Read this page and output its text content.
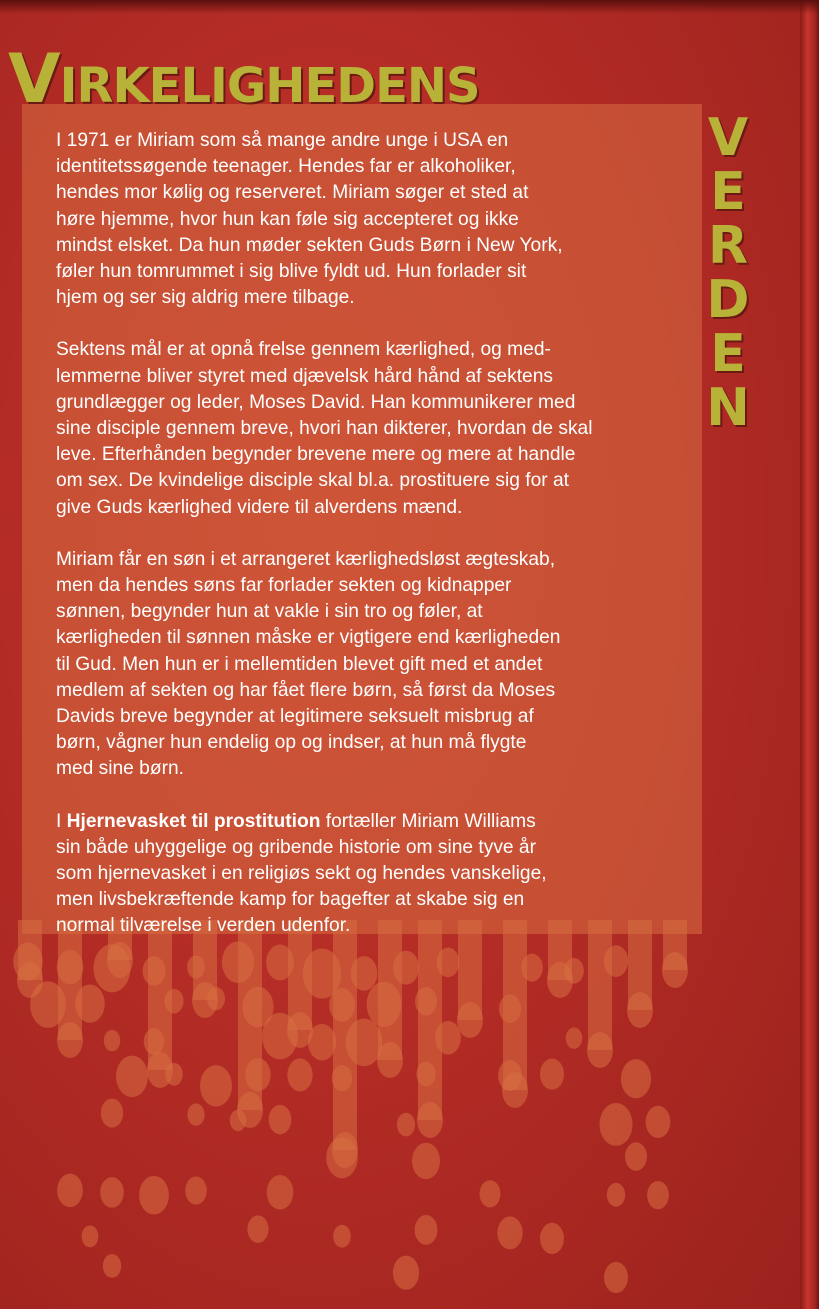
VIRKELIGHEDENS
VERDEN

I 1971 er Miriam som så mange andre unge i USA en
identitetssøgende teenager. Hendes far er alkoholiker,
hendes mor kølig og reserveret. Miriam søger et sted at
høre hjemme, hvor hun kan føle sig accepteret og ikke
mindst elsket. Da hun møder sekten Guds Børn i New York,
føler hun tomrummet i sig blive fyldt ud. Hun forlader sit
hjem og ser sig aldrig mere tilbage.

Sektens mål er at opnå frelse gennem kærlighed, og med-
lemmerne bliver styret med djævelsk hård hånd af sektens
grundlægger og leder, Moses David. Han kommunikerer med
sine disciple gennem breve, hvori han dikterer, hvordan de skal
leve. Efterhånden begynder brevene mere og mere at handle
om sex. De kvindelige disciple skal bl.a. prostituere sig for at
give Guds kærlighed videre til alverdens mænd.

Miriam får en søn i et arrangeret kærlighedsløst ægteskab,
men da hendes søns far forlader sekten og kidnapper
sønnen, begynder hun at vakle i sin tro og føler, at
kærligheden til sønnen måske er vigtigere end kærligheden
til Gud. Men hun er i mellemtiden blevet gift med et andet
medlem af sekten og har fået flere børn, så først da Moses
Davids breve begynder at legitimere seksuelt misbrug af
børn, vågner hun endelig op og indser, at hun må flygte
med sine børn.

I Hjernevasket til prostitution fortæller Miriam Williams
sin både uhyggelige og gribende historie om sine tyve år
som hjernevasket i en religiøs sekt og hendes vanskelige,
men livsbekræftende kamp for bagefter at skabe sig en
normal tilværelse i verden udenfor.
